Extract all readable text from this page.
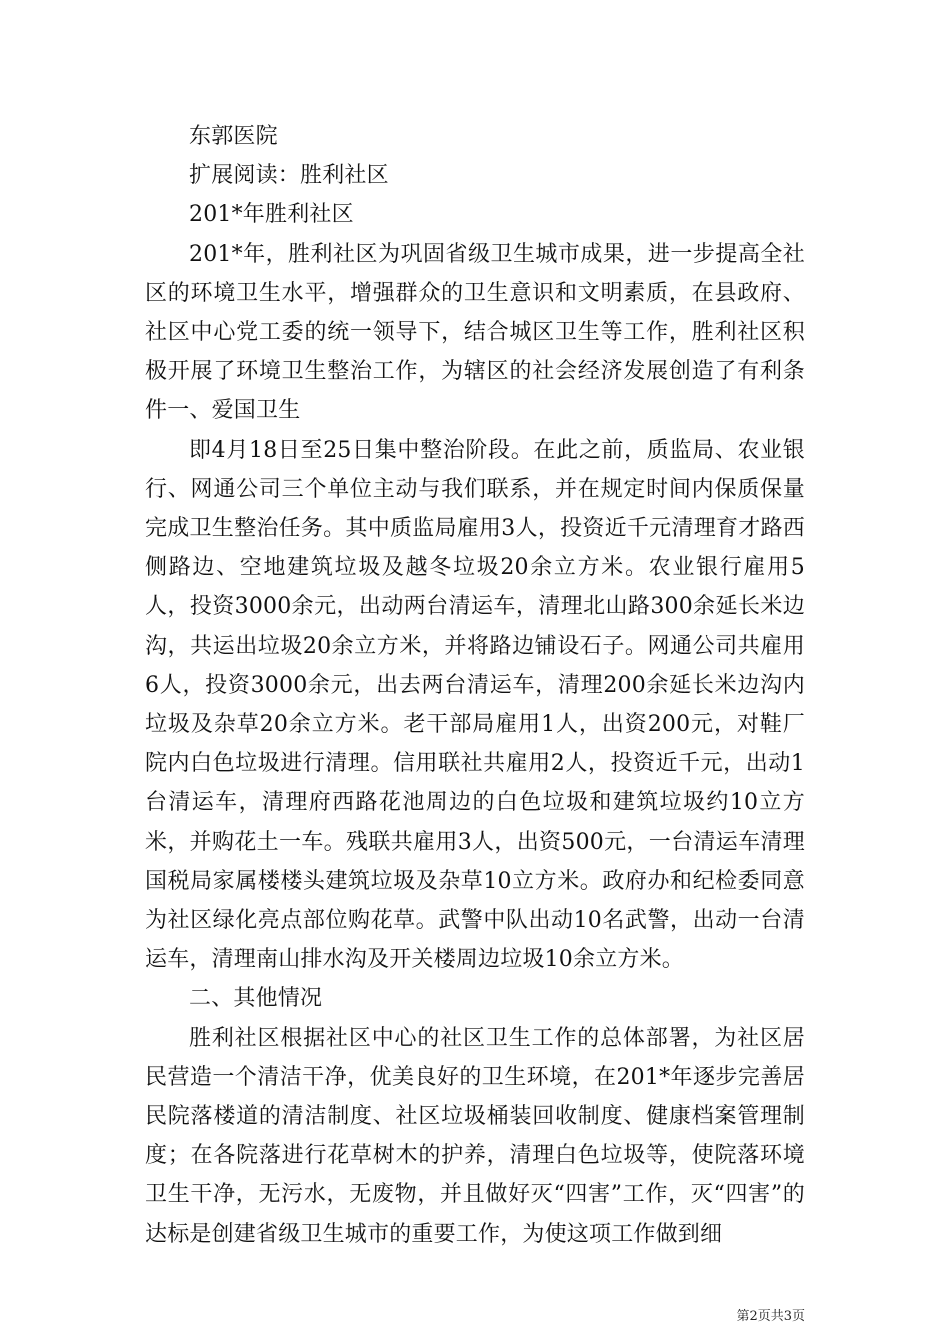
东郭医院

扩展阅读：胜利社区

201*年胜利社区

201*年，胜利社区为巩固省级卫生城市成果，进一步提高全社区的环境卫生水平，增强群众的卫生意识和文明素质，在县政府、社区中心党工委的统一领导下，结合城区卫生等工作，胜利社区积极开展了环境卫生整治工作，为辖区的社会经济发展创造了有利条件一、爱国卫生

即4月18日至25日集中整治阶段。在此之前，质监局、农业银行、网通公司三个单位主动与我们联系，并在规定时间内保质保量完成卫生整治任务。其中质监局雇用3人，投资近千元清理育才路西侧路边、空地建筑垃圾及越冬垃圾20余立方米。农业银行雇用5人，投资3000余元，出动两台清运车，清理北山路300余延长米边沟，共运出垃圾20余立方米，并将路边铺设石子。网通公司共雇用6人，投资3000余元，出去两台清运车，清理200余延长米边沟内垃圾及杂草20余立方米。老干部局雇用1人，出资200元，对鞋厂院内白色垃圾进行清理。信用联社共雇用2人，投资近千元，出动1台清运车，清理府西路花池周边的白色垃圾和建筑垃圾约10立方米，并购花土一车。残联共雇用3人，出资500元，一台清运车清理国税局家属楼楼头建筑垃圾及杂草10立方米。政府办和纪检委同意为社区绿化亮点部位购花草。武警中队出动10名武警，出动一台清运车，清理南山排水沟及开关楼周边垃圾10余立方米。

二、其他情况

胜利社区根据社区中心的社区卫生工作的总体部署，为社区居民营造一个清洁干净，优美良好的卫生环境，在201*年逐步完善居民院落楼道的清洁制度、社区垃圾桶装回收制度、健康档案管理制度；在各院落进行花草树木的护养，清理白色垃圾等，使院落环境卫生干净，无污水，无废物，并且做好灭“四害”工作，灭“四害”的达标是创建省级卫生城市的重要工作，为使这项工作做到细

第2页共3页
